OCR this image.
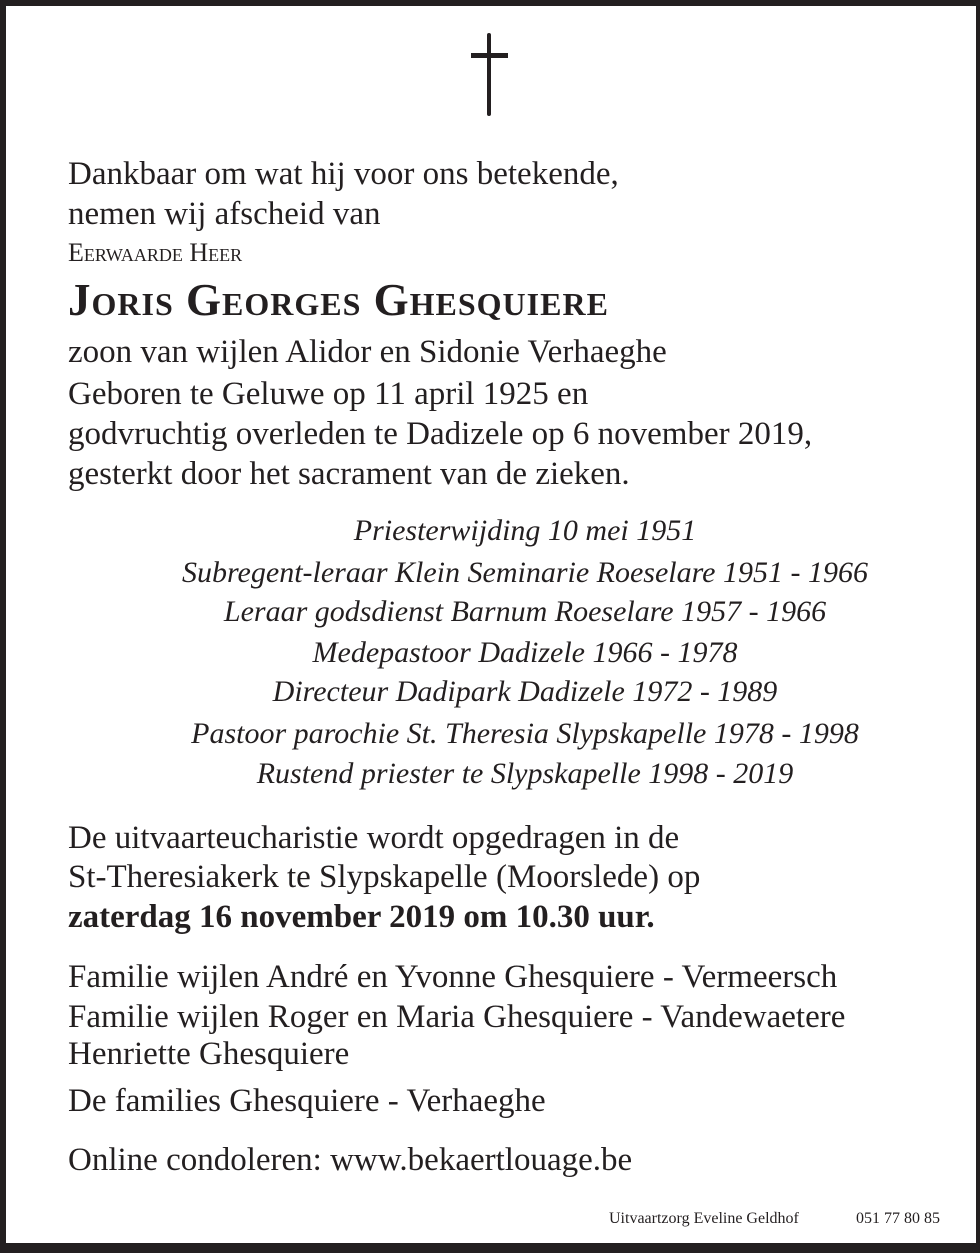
Dankbaar om wat hij voor ons betekende,
nemen wij afscheid van
Eerwaarde Heer
Joris Georges Ghesquiere
zoon van wijlen Alidor en Sidonie Verhaeghe
Geboren te Geluwe op 11 april 1925 en
godvruchtig overleden te Dadizele op 6 november 2019,
gesterkt door het sacrament van de zieken.
Priesterwijding 10 mei 1951
Subregent-leraar Klein Seminarie Roeselare 1951 - 1966
Leraar godsdienst Barnum Roeselare 1957 - 1966
Medepastoor Dadizele 1966 - 1978
Directeur Dadipark Dadizele 1972 - 1989
Pastoor parochie St. Theresia Slypskapelle 1978 - 1998
Rustend priester te Slypskapelle 1998 - 2019
De uitvaarteucharistie wordt opgedragen in de
St-Theresiakerk te Slypskapelle (Moorslede) op
zaterdag 16 november 2019 om 10.30 uur.
Familie wijlen André en Yvonne Ghesquiere - Vermeersch
Familie wijlen Roger en Maria Ghesquiere - Vandewaetere
Henriette Ghesquiere
De families Ghesquiere - Verhaeghe
Online condoleren: www.bekaertlouage.be
Uitvaartzorg Eveline Geldhof	051 77 80 85
